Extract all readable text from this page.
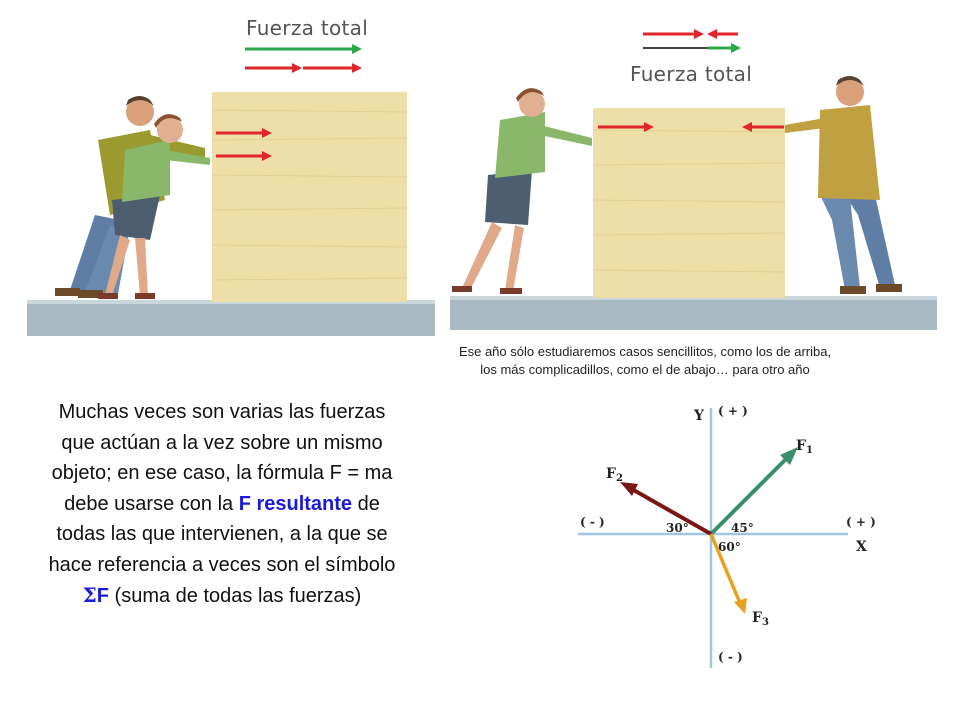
Fuerza total
Fuerza total
Ese año sólo estudiaremos casos sencillitos, como los de arriba,
los más complicadillos, como el de abajo… para otro año
Muchas veces son varias las fuerzas que actúan a la vez sobre un mismo objeto; en ese caso, la fórmula F = ma debe usarse con la F resultante de todas las que intervienen, a la que se hace referencia a veces son el símbolo ΣF (suma de todas las fuerzas)
Y ( + )
( - )
( - )	( + )
X
$F_1$
$F_2$
$F_3$
30°	45°
60°
